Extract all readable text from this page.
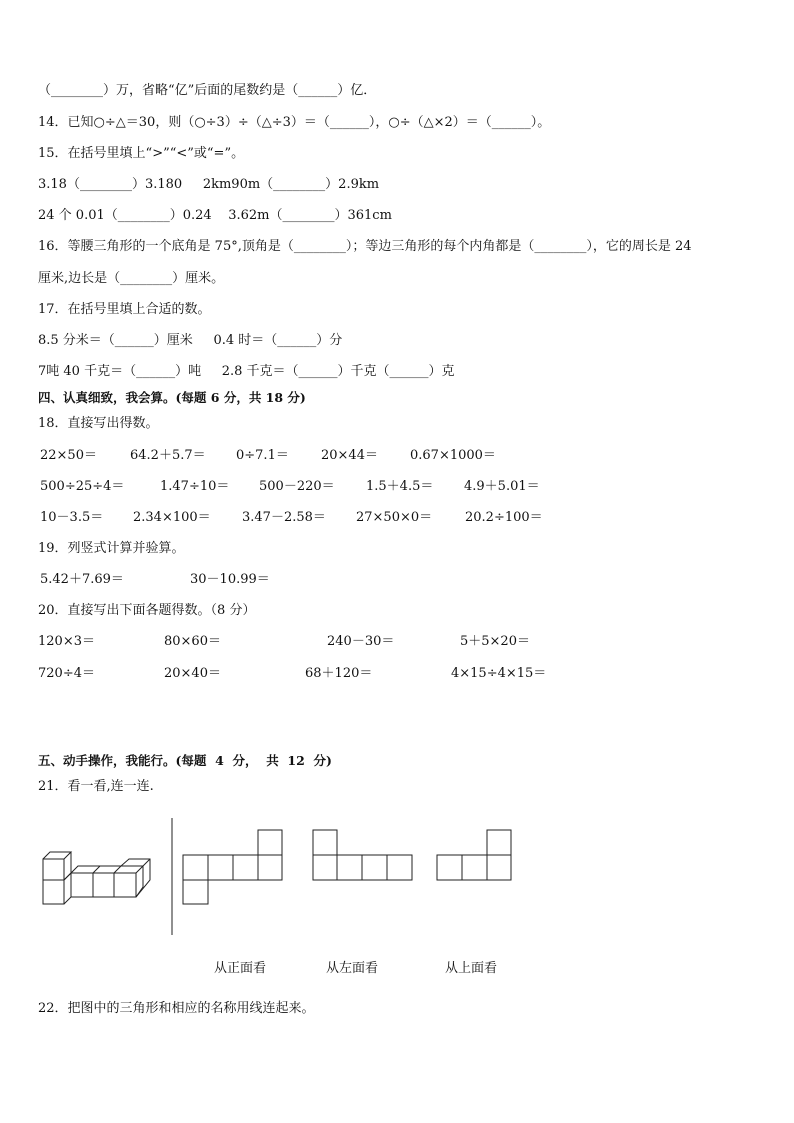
（________）万，省略“亿”后面的尾数约是（______）亿．
14．已知○÷△＝30，则（○÷3）÷（△÷3）＝（______），○÷（△×2）＝（______）。
15．在括号里填上“>”“<”或“=”。
3.18（________）3.180     2km90m（________）2.9km
24 个 0.01（________）0.24    3.62m（________）361cm
16．等腰三角形的一个底角是 75°,顶角是（________）；等边三角形的每个内角都是（________），它的周长是 24
厘米,边长是（________）厘米。
17．在括号里填上合适的数。
8.5 分米＝（______）厘米     0.4 时＝（______）分
7吨 40 千克＝（______）吨     2.8 千克＝（______）千克（______）克
四、认真细致，我会算。(每题 6 分，共 18 分)
18．直接写出得数。
22×50＝	64.2＋5.7＝ 0÷7.1＝ 20×44＝ 0.67×1000＝
500÷25÷4＝	1.47÷10＝ 500－220＝ 1.5＋4.5＝ 4.9＋5.01＝
10－3.5＝ 2.34×100＝ 3.47－2.58＝ 27×50×0＝	20.2÷100＝
19．列竖式计算并验算。
5.42＋7.69＝	30－10.99＝
20．直接写出下面各题得数。（8 分）
120×3＝	80×60＝	240－30＝	5＋5×20＝
720÷4＝	20×40＝	68＋120＝	4×15÷4×15＝
五、动手操作，我能行。(每题  4  分，  共  12  分)
21．看一看,连一连.
从正面看	从左面看	从上面看
22．把图中的三角形和相应的名称用线连起来。
